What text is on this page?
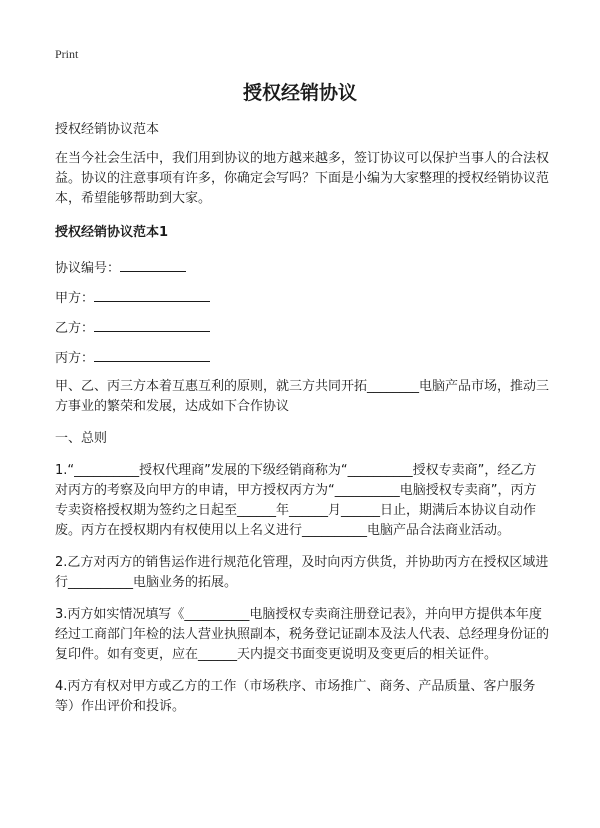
Print
授权经销协议

授权经销协议范本

在当今社会生活中，我们用到协议的地方越来越多，签订协议可以保护当事人的合法权益。协议的注意事项有许多，你确定会写吗？下面是小编为大家整理的授权经销协议范本，希望能够帮助到大家。

授权经销协议范本1

协议编号：
甲方：
乙方：
丙方：

甲、乙、丙三方本着互惠互利的原则，就三方共同开拓________电脑产品市场，推动三方事业的繁荣和发展，达成如下合作协议

一、总则

1.“__________授权代理商”发展的下级经销商称为“__________授权专卖商”，经乙方对丙方的考察及向甲方的申请，甲方授权丙方为“__________电脑授权专卖商”，丙方专卖资格授权期为签约之日起至______年______月______日止，期满后本协议自动作废。丙方在授权期内有权使用以上名义进行__________电脑产品合法商业活动。

2.乙方对丙方的销售运作进行规范化管理，及时向丙方供货，并协助丙方在授权区域进行__________电脑业务的拓展。

3.丙方如实情况填写《__________电脑授权专卖商注册登记表》，并向甲方提供本年度经过工商部门年检的法人营业执照副本，税务登记证副本及法人代表、总经理身份证的复印件。如有变更，应在______天内提交书面变更说明及变更后的相关证件。

4.丙方有权对甲方或乙方的工作（市场秩序、市场推广、商务、产品质量、客户服务等）作出评价和投诉。
